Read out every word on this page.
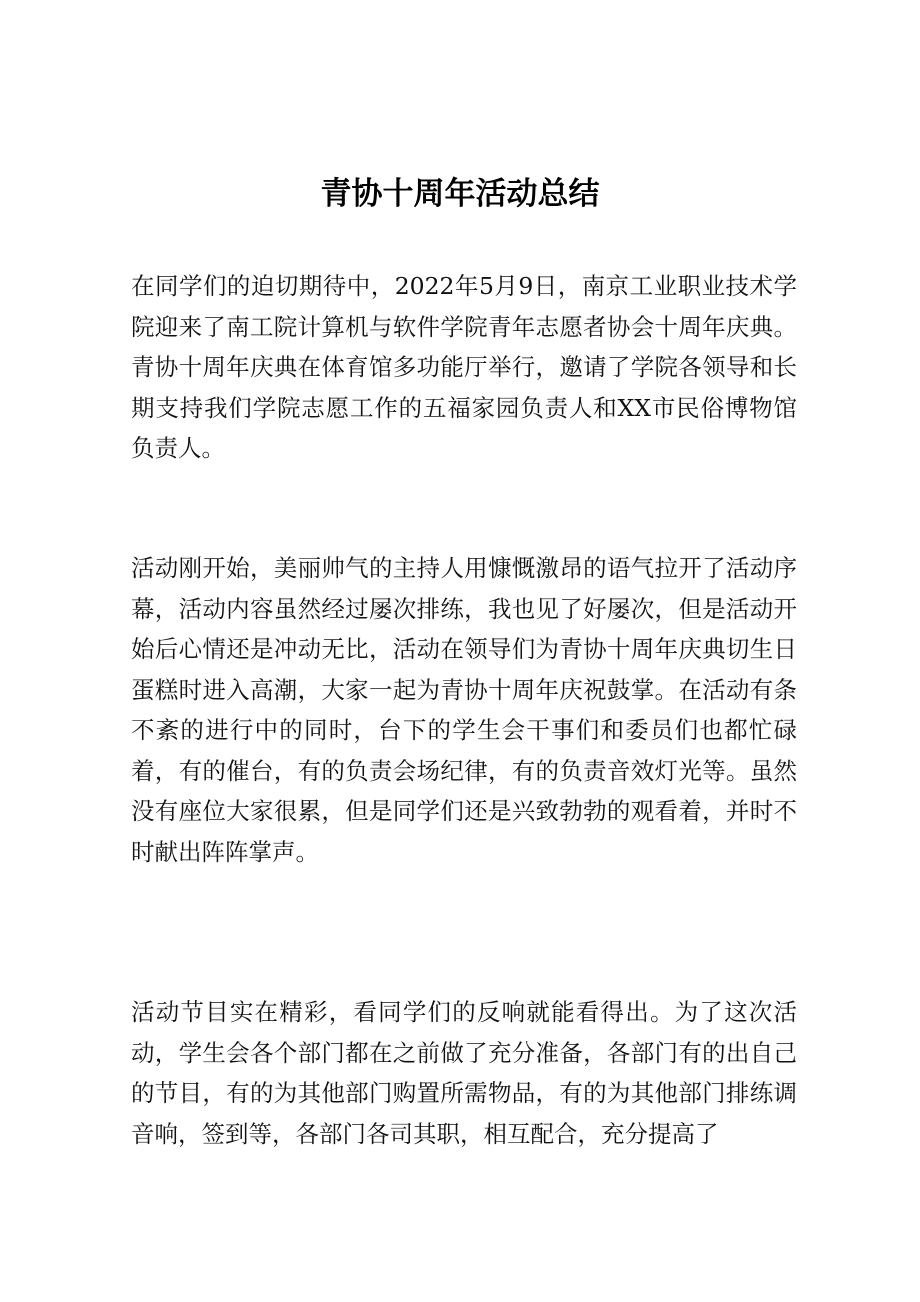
青协十周年活动总结

在同学们的迫切期待中，2022年5月9日，南京工业职业技术学院迎来了南工院计算机与软件学院青年志愿者协会十周年庆典。青协十周年庆典在体育馆多功能厅举行，邀请了学院各领导和长期支持我们学院志愿工作的五福家园负责人和XX市民俗博物馆负责人。

活动刚开始，美丽帅气的主持人用慷慨激昂的语气拉开了活动序幕，活动内容虽然经过屡次排练，我也见了好屡次，但是活动开始后心情还是冲动无比，活动在领导们为青协十周年庆典切生日蛋糕时进入高潮，大家一起为青协十周年庆祝鼓掌。在活动有条不紊的进行中的同时，台下的学生会干事们和委员们也都忙碌着，有的催台，有的负责会场纪律，有的负责音效灯光等。虽然没有座位大家很累，但是同学们还是兴致勃勃的观看着，并时不时献出阵阵掌声。

活动节目实在精彩，看同学们的反响就能看得出。为了这次活动，学生会各个部门都在之前做了充分准备，各部门有的出自己的节目，有的为其他部门购置所需物品，有的为其他部门排练调音响，签到等，各部门各司其职，相互配合，充分提高了
